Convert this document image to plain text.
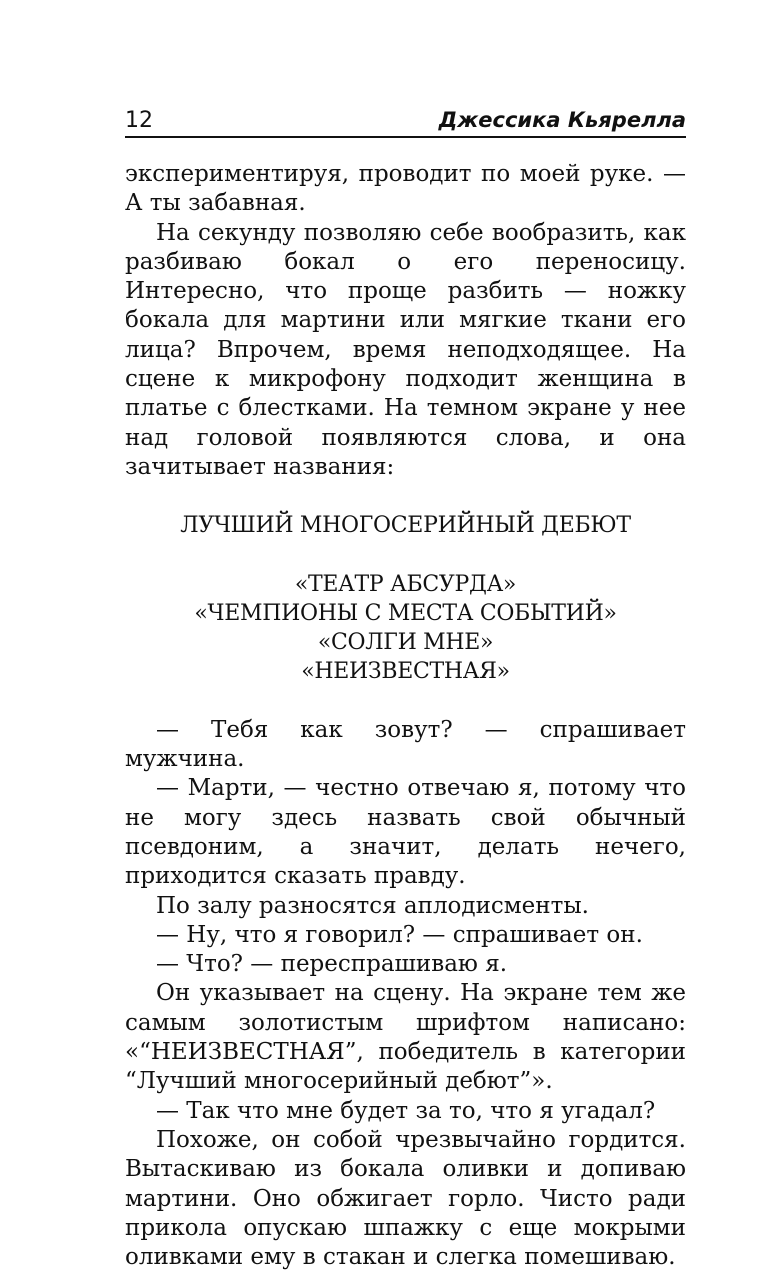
12	Джессика Кьярелла

экспериментируя, проводит по моей руке. — А ты забавная.

На секунду позволяю себе вообразить, как разбиваю бокал о его переносицу. Интересно, что проще разбить — ножку бокала для мартини или мягкие ткани его лица? Впрочем, время неподходящее. На сцене к микрофону подходит женщина в платье с блестками. На темном экране у нее над головой появляются слова, и она зачитывает названия:

ЛУЧШИЙ МНОГОСЕРИЙНЫЙ ДЕБЮТ
«ТЕАТР АБСУРДА»
«ЧЕМПИОНЫ С МЕСТА СОБЫТИЙ»
«СОЛГИ МНЕ»
«НЕИЗВЕСТНАЯ»

— Тебя как зовут? — спрашивает мужчина.

— Марти, — честно отвечаю я, потому что не могу здесь назвать свой обычный псевдоним, а значит, делать нечего, приходится сказать правду.

По залу разносятся аплодисменты.

— Ну, что я говорил? — спрашивает он.

— Что? — переспрашиваю я.

Он указывает на сцену. На экране тем же самым золотистым шрифтом написано: «“НЕИЗВЕСТНАЯ”, победитель в категории “Лучший многосерийный дебют”».

— Так что мне будет за то, что я угадал?

Похоже, он собой чрезвычайно гордится. Вытаскиваю из бокала оливки и допиваю мартини. Оно обжигает горло. Чисто ради прикола опускаю шпажку с еще мокрыми оливками ему в стакан и слегка помешиваю.
